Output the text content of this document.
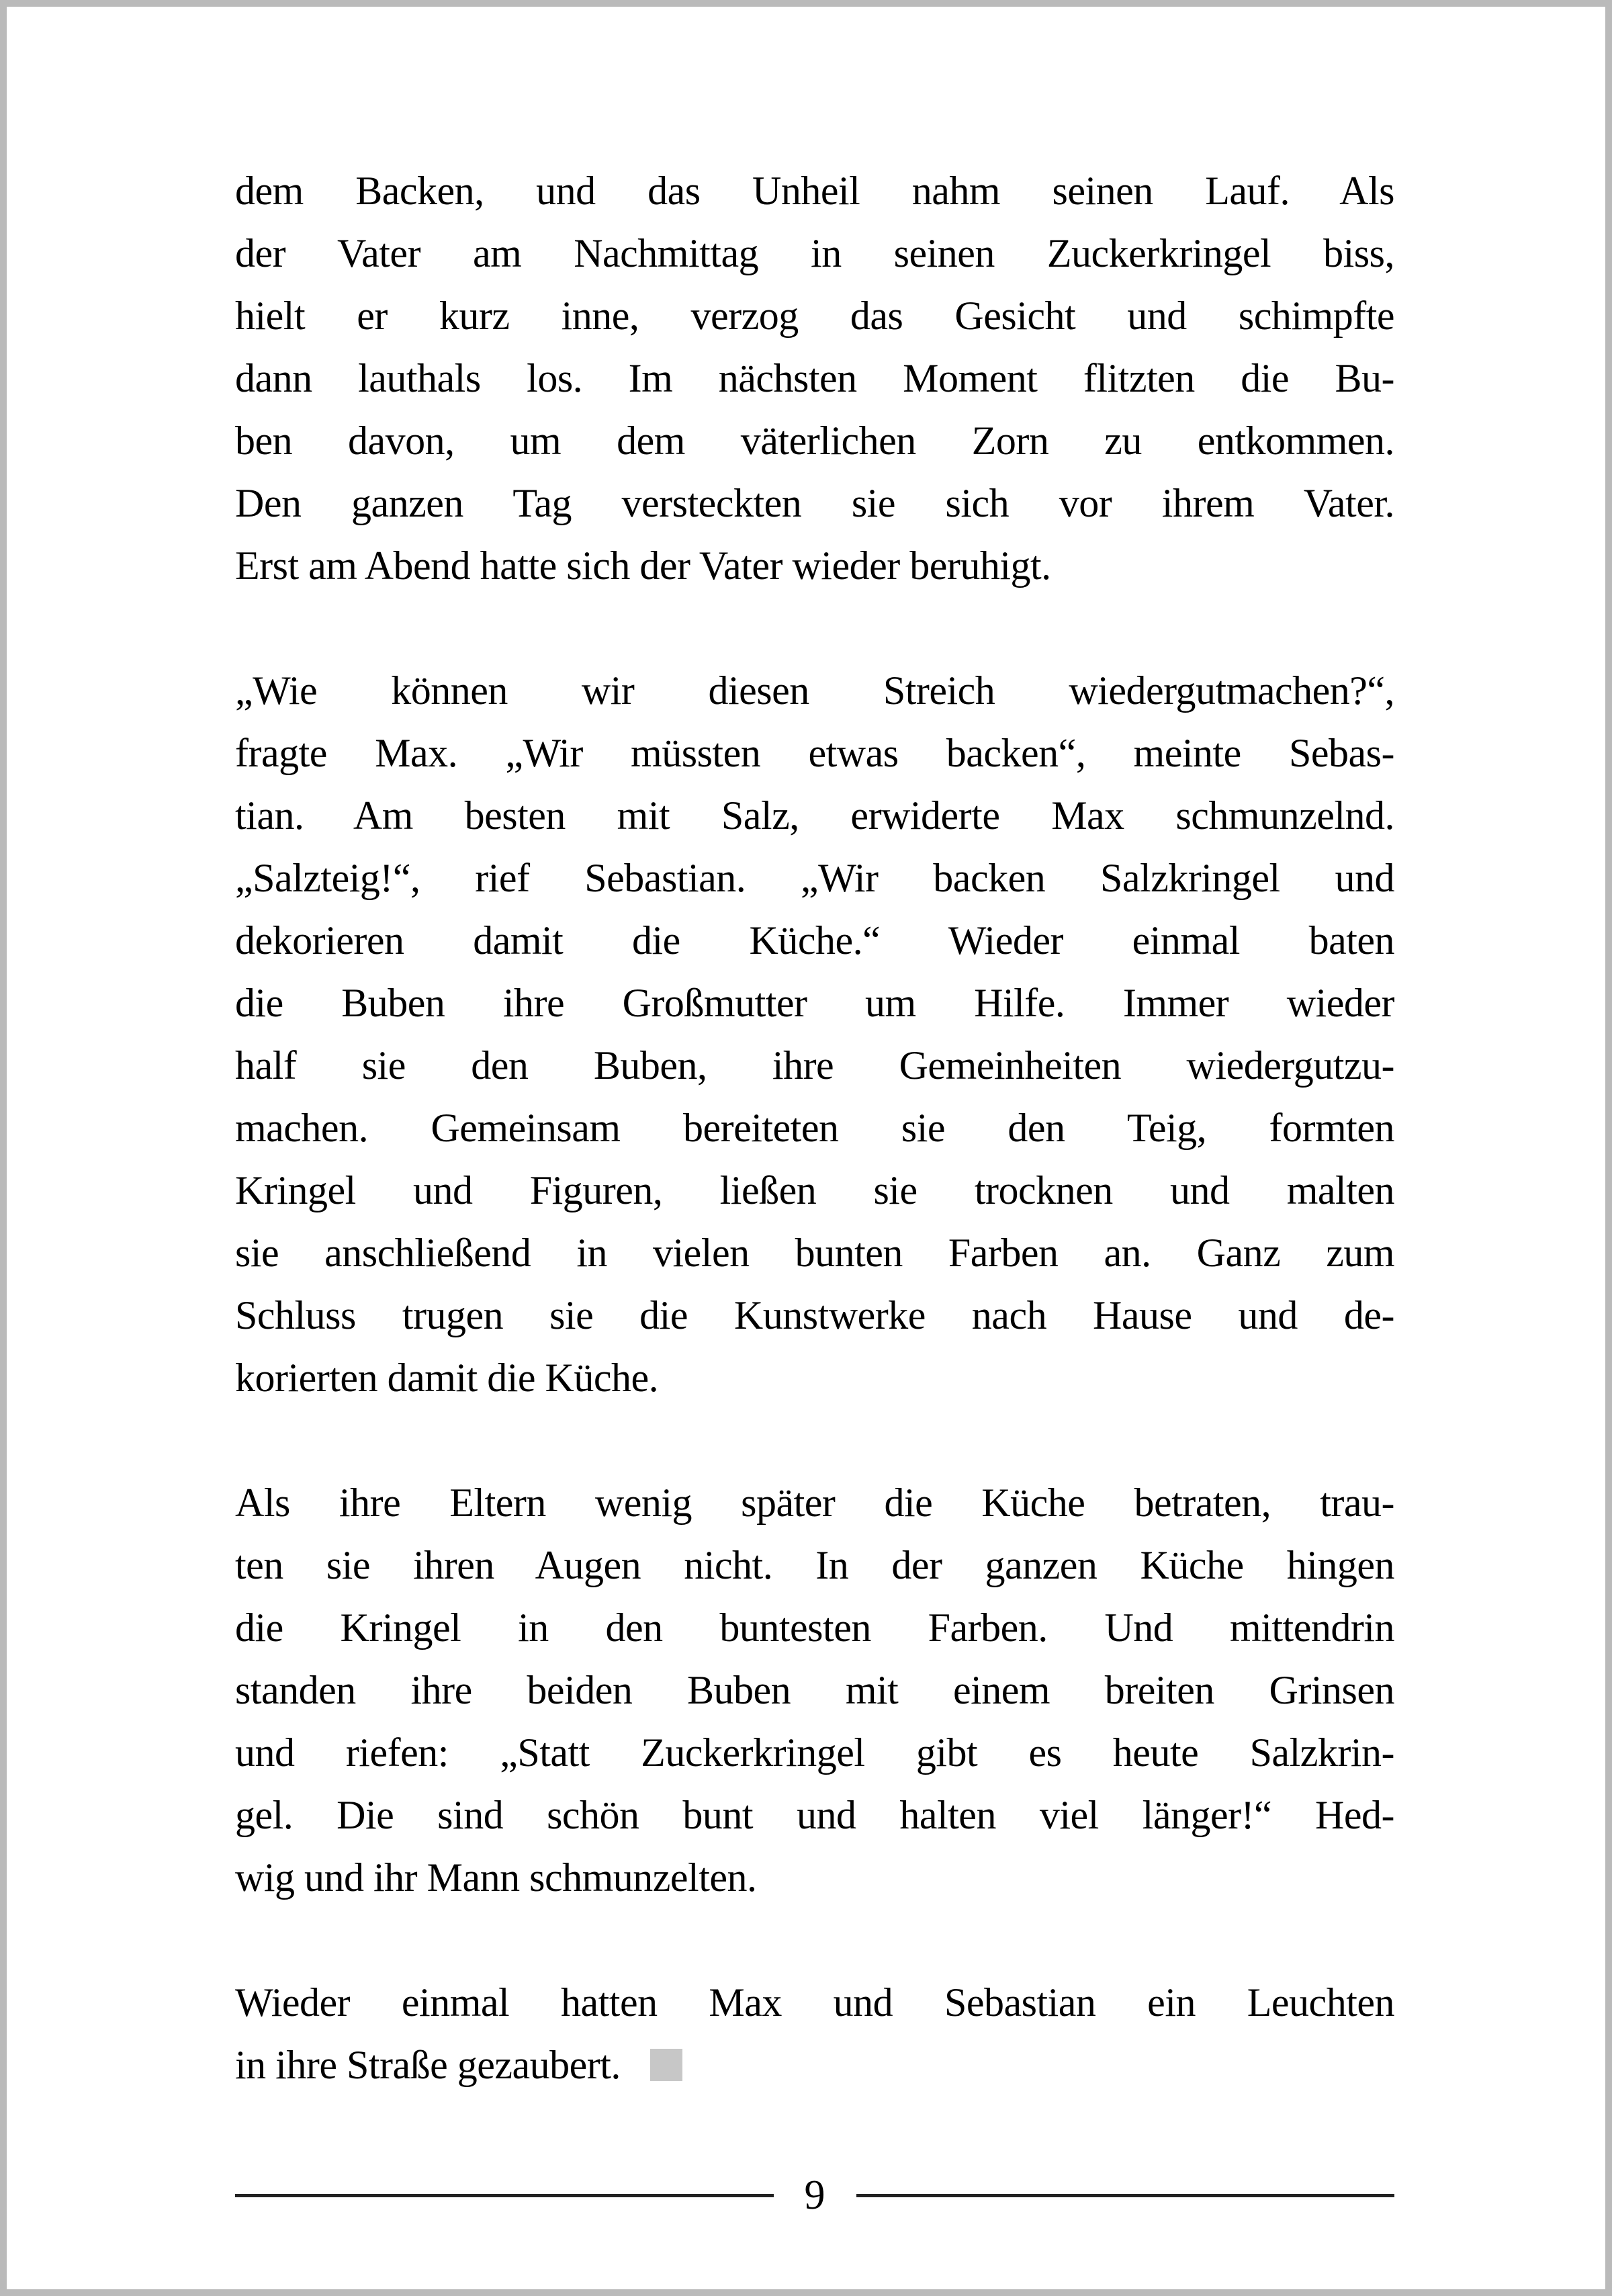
dem Backen, und das Unheil nahm seinen Lauf. Als
der Vater am Nachmittag in seinen Zuckerkringel biss,
hielt er kurz inne, verzog das Gesicht und schimpfte
dann lauthals los. Im nächsten Moment flitzten die Bu-
ben davon, um dem väterlichen Zorn zu entkommen.
Den ganzen Tag versteckten sie sich vor ihrem Vater.
Erst am Abend hatte sich der Vater wieder beruhigt.
„Wie können wir diesen Streich wiedergutmachen?“,
fragte Max. „Wir müssten etwas backen“, meinte Sebas-
tian. Am besten mit Salz, erwiderte Max schmunzelnd.
„Salzteig!“, rief Sebastian. „Wir backen Salzkringel und
dekorieren damit die Küche.“ Wieder einmal baten
die Buben ihre Großmutter um Hilfe. Immer wieder
half sie den Buben, ihre Gemeinheiten wiedergutzu-
machen. Gemeinsam bereiteten sie den Teig, formten
Kringel und Figuren, ließen sie trocknen und malten
sie anschließend in vielen bunten Farben an. Ganz zum
Schluss trugen sie die Kunstwerke nach Hause und de-
korierten damit die Küche.
Als ihre Eltern wenig später die Küche betraten, trau-
ten sie ihren Augen nicht. In der ganzen Küche hingen
die Kringel in den buntesten Farben. Und mittendrin
standen ihre beiden Buben mit einem breiten Grinsen
und riefen: „Statt Zuckerkringel gibt es heute Salzkrin-
gel. Die sind schön bunt und halten viel länger!“ Hed-
wig und ihr Mann schmunzelten.
Wieder einmal hatten Max und Sebastian ein Leuchten
in ihre Straße gezaubert.
9
